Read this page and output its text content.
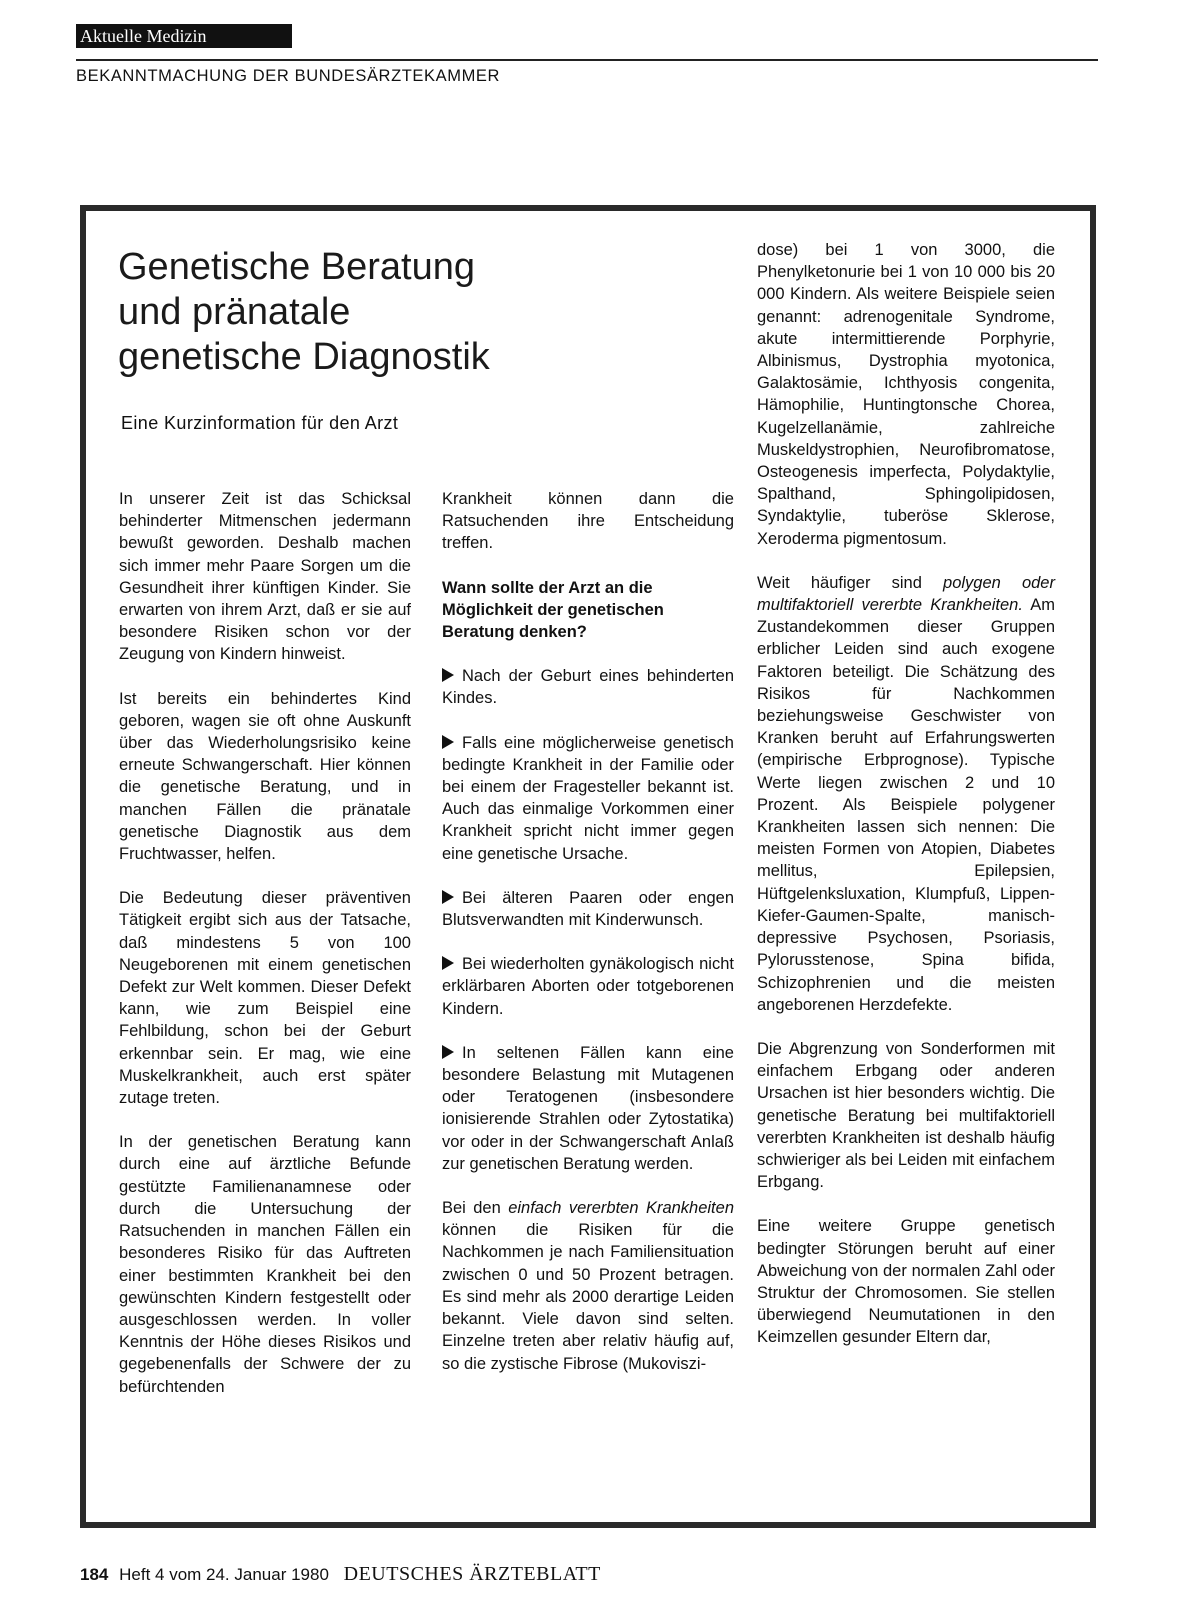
Aktuelle Medizin
BEKANNTMACHUNG DER BUNDESÄRZTEKAMMER
Genetische Beratung
und pränatale
genetische Diagnostik
Eine Kurzinformation für den Arzt

In unserer Zeit ist das Schicksal behinderter Mitmenschen jedermann bewußt geworden. Deshalb machen sich immer mehr Paare Sorgen um die Gesundheit ihrer künftigen Kinder. Sie erwarten von ihrem Arzt, daß er sie auf besondere Risiken schon vor der Zeugung von Kindern hinweist.

Ist bereits ein behindertes Kind geboren, wagen sie oft ohne Auskunft über das Wiederholungsrisiko keine erneute Schwangerschaft. Hier können die genetische Beratung, und in manchen Fällen die pränatale genetische Diagnostik aus dem Fruchtwasser, helfen.

Die Bedeutung dieser präventiven Tätigkeit ergibt sich aus der Tatsache, daß mindestens 5 von 100 Neugeborenen mit einem genetischen Defekt zur Welt kommen. Dieser Defekt kann, wie zum Beispiel eine Fehlbildung, schon bei der Geburt erkennbar sein. Er mag, wie eine Muskelkrankheit, auch erst später zutage treten.

In der genetischen Beratung kann durch eine auf ärztliche Befunde gestützte Familienanamnese oder durch die Untersuchung der Ratsuchenden in manchen Fällen ein besonderes Risiko für das Auftreten einer bestimmten Krankheit bei den gewünschten Kindern festgestellt oder ausgeschlossen werden. In voller Kenntnis der Höhe dieses Risikos und gegebenenfalls der Schwere der zu befürchtenden

Krankheit können dann die Ratsuchenden ihre Entscheidung treffen.

Wann sollte der Arzt an die Möglichkeit der genetischen Beratung denken?

Nach der Geburt eines behinderten Kindes.

Falls eine möglicherweise genetisch bedingte Krankheit in der Familie oder bei einem der Fragesteller bekannt ist. Auch das einmalige Vorkommen einer Krankheit spricht nicht immer gegen eine genetische Ursache.

Bei älteren Paaren oder engen Blutsverwandten mit Kinderwunsch.

Bei wiederholten gynäkologisch nicht erklärbaren Aborten oder totgeborenen Kindern.

In seltenen Fällen kann eine besondere Belastung mit Mutagenen oder Teratogenen (insbesondere ionisierende Strahlen oder Zytostatika) vor oder in der Schwangerschaft Anlaß zur genetischen Beratung werden.

Bei den einfach vererbten Krankheiten können die Risiken für die Nachkommen je nach Familiensituation zwischen 0 und 50 Prozent betragen. Es sind mehr als 2000 derartige Leiden bekannt. Viele davon sind selten. Einzelne treten aber relativ häufig auf, so die zystische Fibrose (Mukoviszi-

dose) bei 1 von 3000, die Phenylketonurie bei 1 von 10 000 bis 20 000 Kindern. Als weitere Beispiele seien genannt: adrenogenitale Syndrome, akute intermittierende Porphyrie, Albinismus, Dystrophia myotonica, Galaktosämie, Ichthyosis congenita, Hämophilie, Huntingtonsche Chorea, Kugelzellanämie, zahlreiche Muskeldystrophien, Neurofibromatose, Osteogenesis imperfecta, Polydaktylie, Spalthand, Sphingolipidosen, Syndaktylie, tuberöse Sklerose, Xeroderma pigmentosum.

Weit häufiger sind polygen oder multifaktoriell vererbte Krankheiten. Am Zustandekommen dieser Gruppen erblicher Leiden sind auch exogene Faktoren beteiligt. Die Schätzung des Risikos für Nachkommen beziehungsweise Geschwister von Kranken beruht auf Erfahrungswerten (empirische Erbprognose). Typische Werte liegen zwischen 2 und 10 Prozent. Als Beispiele polygener Krankheiten lassen sich nennen: Die meisten Formen von Atopien, Diabetes mellitus, Epilepsien, Hüftgelenksluxation, Klumpfuß, Lippen-Kiefer-Gaumen-Spalte, manisch-depressive Psychosen, Psoriasis, Pylorusstenose, Spina bifida, Schizophrenien und die meisten angeborenen Herzdefekte.

Die Abgrenzung von Sonderformen mit einfachem Erbgang oder anderen Ursachen ist hier besonders wichtig. Die genetische Beratung bei multifaktoriell vererbten Krankheiten ist deshalb häufig schwieriger als bei Leiden mit einfachem Erbgang.

Eine weitere Gruppe genetisch bedingter Störungen beruht auf einer Abweichung von der normalen Zahl oder Struktur der Chromosomen. Sie stellen überwiegend Neumutationen in den Keimzellen gesunder Eltern dar,

184 Heft 4 vom 24. Januar 1980 DEUTSCHES ÄRZTEBLATT
